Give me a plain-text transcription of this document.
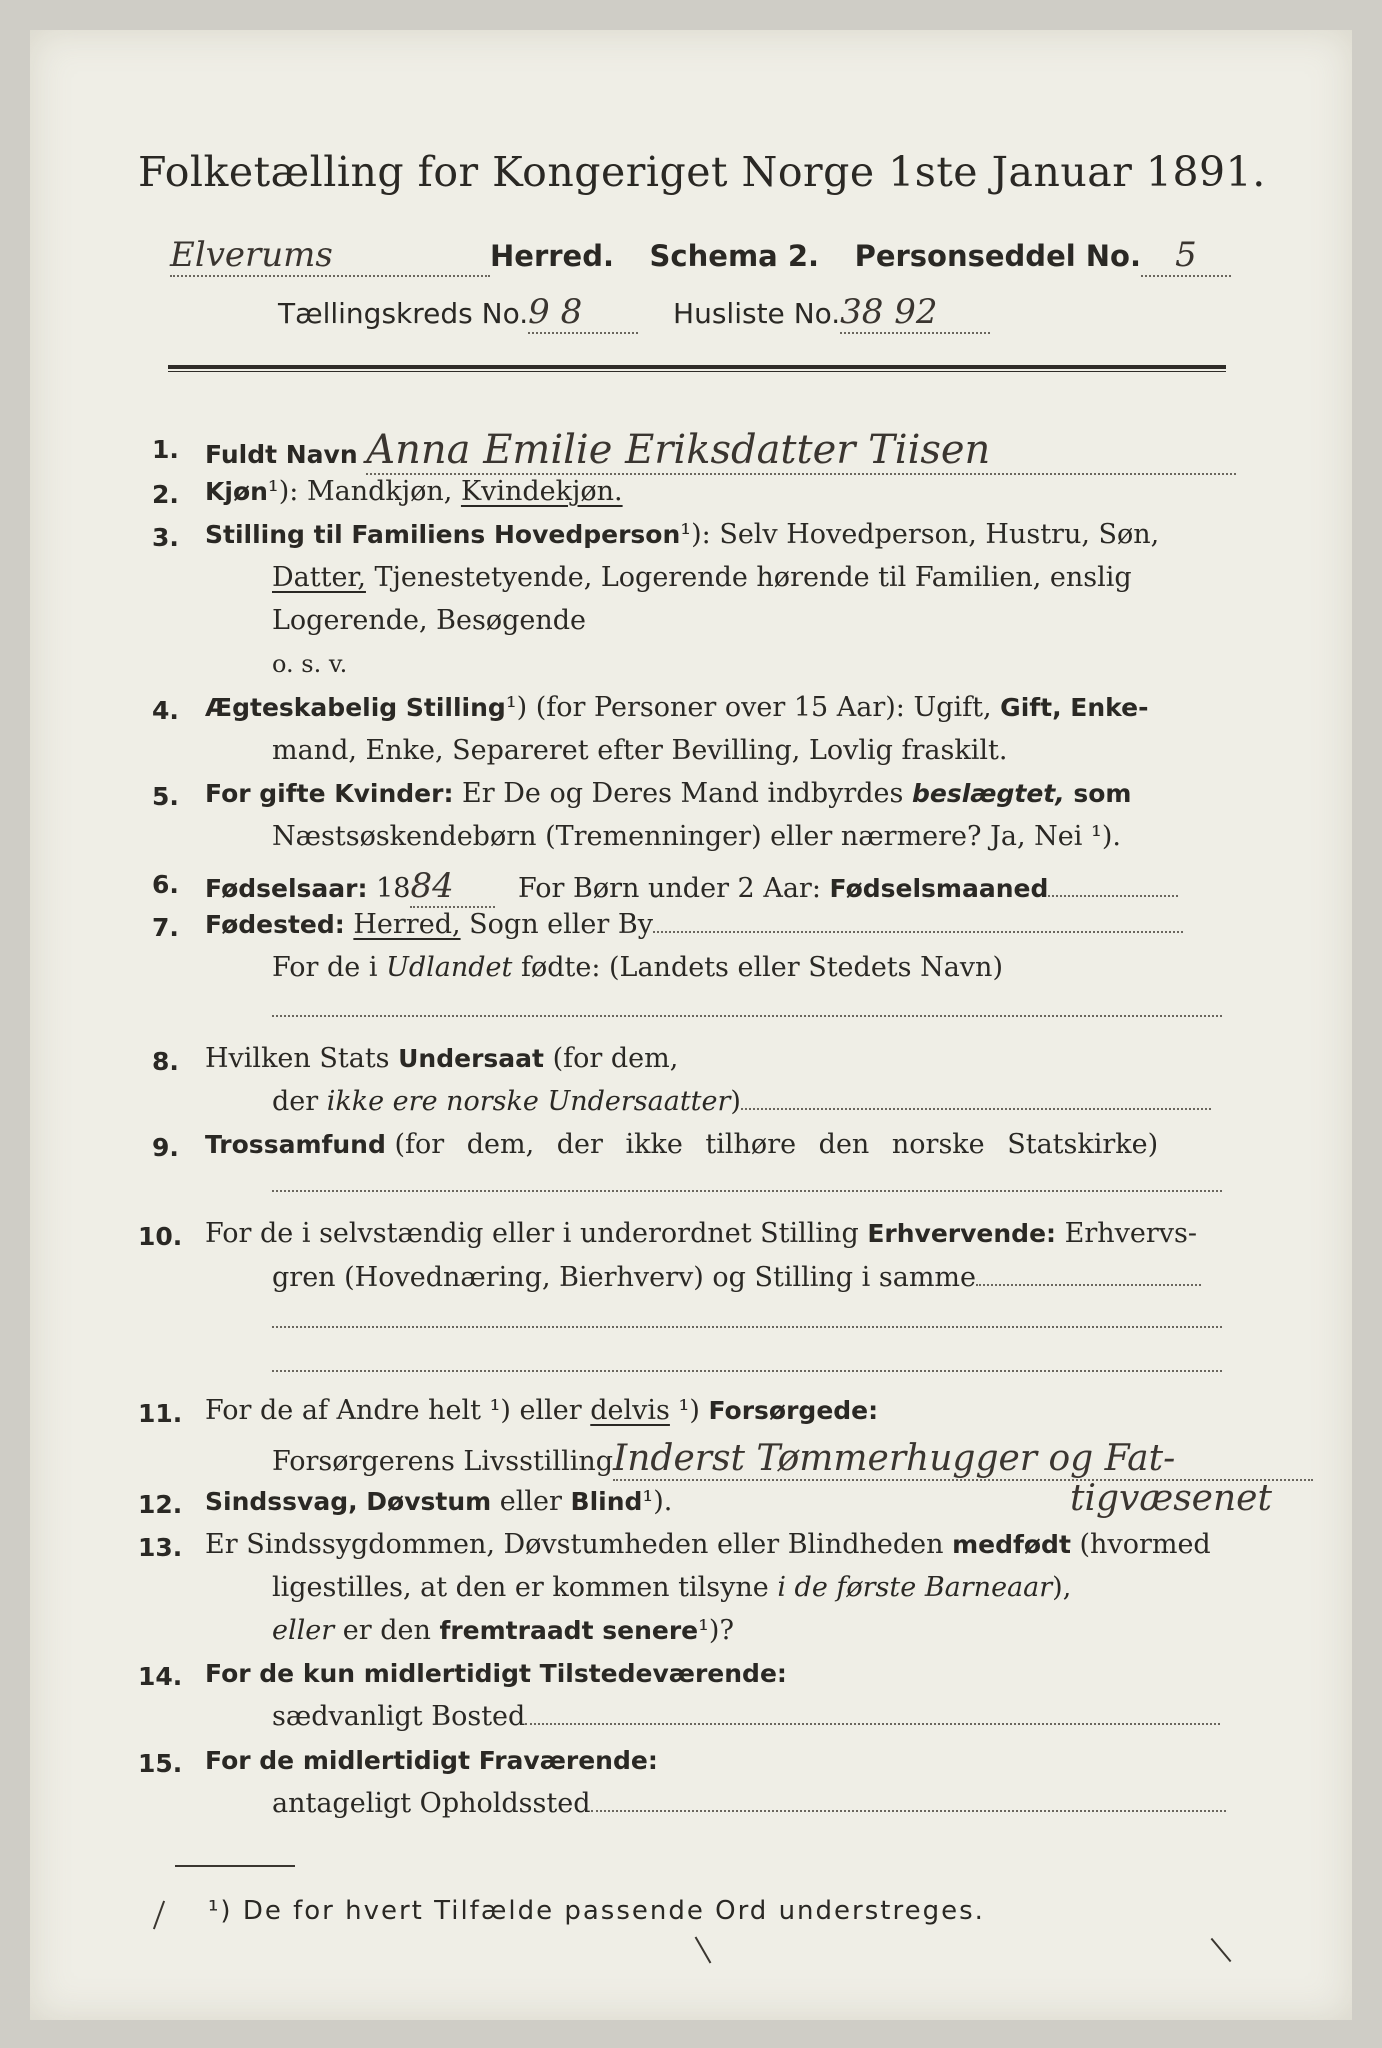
Folketælling for Kongeriget Norge 1ste Januar 1891.
Elverums	Herred. Schema 2. Personseddel No. 5
Tællingskreds No.9 8	Husliste No.38 92
1. Fuldt Navn Anna Emilie Eriksdatter Tiisen
2. Kjøn¹): Mandkjøn, Kvindekjøn.
3. Stilling til Familiens Hovedperson¹): Selv Hovedperson, Hustru, Søn,
Datter, Tjenestetyende, Logerende hørende til Familien, enslig
Logerende, Besøgende
o. s. v.
4. Ægteskabelig Stilling¹) (for Personer over 15 Aar): Ugift, Gift, Enke-
mand, Enke, Separeret efter Bevilling, Lovlig fraskilt.
5. For gifte Kvinder: Er De og Deres Mand indbyrdes beslægtet, som
Næstsøskendebørn (Tremenninger) eller nærmere? Ja, Nei ¹).
6. Fødselsaar: 1884 For Børn under 2 Aar: Fødselsmaaned
7. Fødested: Herred, Sogn eller By
For de i Udlandet fødte: (Landets eller Stedets Navn)
8. Hvilken Stats Undersaat (for dem,
der ikke ere norske Undersaatter)
9. Trossamfund (for dem, der ikke tilhøre den norske Statskirke)
10. For de i selvstændig eller i underordnet Stilling Erhvervende: Erhvervs-
gren (Hovednæring, Bierhverv) og Stilling i samme
11. For de af Andre helt ¹) eller delvis ¹) Forsørgede:
Forsørgerens LivsstillingInderst Tømmerhugger og Fat-
tigvæsenet
12. Sindssvag, Døvstum eller Blind¹).
13. Er Sindssygdommen, Døvstumheden eller Blindheden medfødt (hvormed
ligestilles, at den er kommen tilsyne i de første Barneaar),
eller er den fremtraadt senere¹)?
14. For de kun midlertidigt Tilstedeværende:
sædvanligt Bosted
15. For de midlertidigt Fraværende:
antageligt Opholdssted
¹) De for hvert Tilfælde passende Ord understreges.
